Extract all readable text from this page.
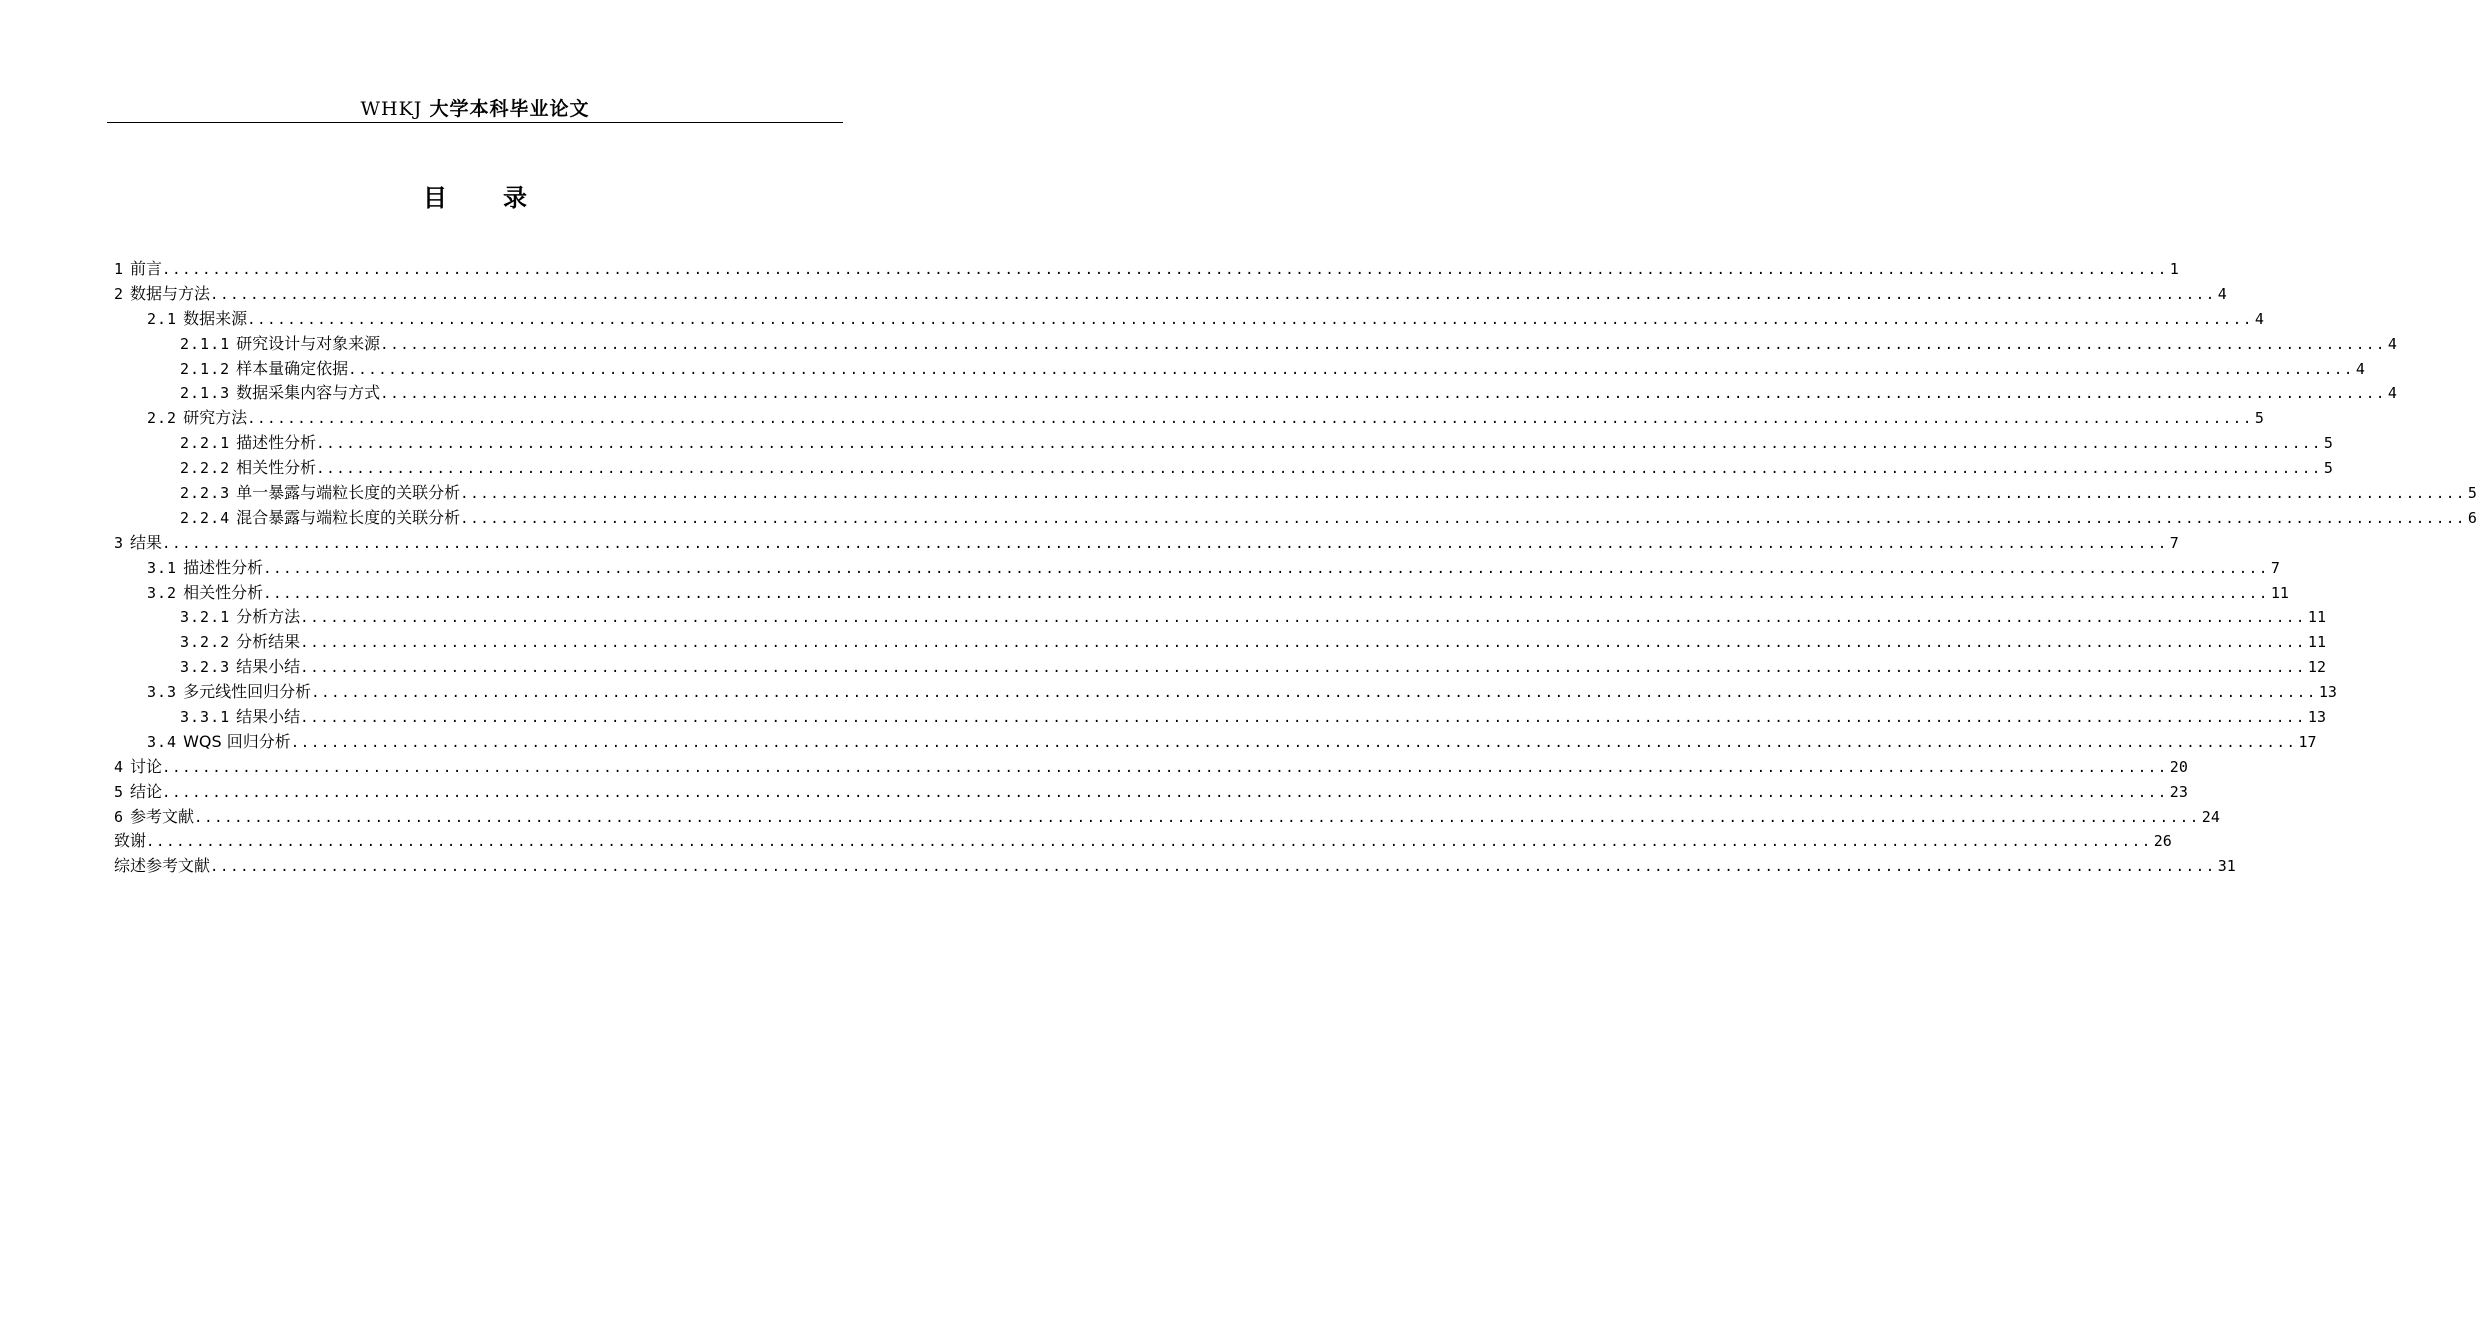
WHKJ 大学本科毕业论文
目 录
1 前言 ........................................................................................................................................................................................................ 1
2 数据与方法 ........................................................................................................................................................................................................ 4
2.1 数据来源 ........................................................................................................................................................................................................ 4
2.1.1 研究设计与对象来源 ........................................................................................................................................................................................................ 4
2.1.2 样本量确定依据 ........................................................................................................................................................................................................ 4
2.1.3 数据采集内容与方式 ........................................................................................................................................................................................................ 4
2.2 研究方法 ........................................................................................................................................................................................................ 5
2.2.1 描述性分析 ........................................................................................................................................................................................................ 5
2.2.2 相关性分析 ........................................................................................................................................................................................................ 5
2.2.3 单一暴露与端粒长度的关联分析 ........................................................................................................................................................................................................ 5
2.2.4 混合暴露与端粒长度的关联分析 ........................................................................................................................................................................................................ 6
3 结果 ........................................................................................................................................................................................................ 7
3.1 描述性分析 ........................................................................................................................................................................................................ 7
3.2 相关性分析 ........................................................................................................................................................................................................ 11
3.2.1 分析方法 ........................................................................................................................................................................................................ 11
3.2.2 分析结果 ........................................................................................................................................................................................................ 11
3.2.3 结果小结 ........................................................................................................................................................................................................ 12
3.3 多元线性回归分析 ........................................................................................................................................................................................................ 13
3.3.1 结果小结 ........................................................................................................................................................................................................ 13
3.4 WQS 回归分析 ........................................................................................................................................................................................................ 17
4 讨论 ........................................................................................................................................................................................................ 20
5 结论 ........................................................................................................................................................................................................ 23
6 参考文献 ........................................................................................................................................................................................................ 24
致谢 ........................................................................................................................................................................................................ 26
综述参考文献 ........................................................................................................................................................................................................ 31
